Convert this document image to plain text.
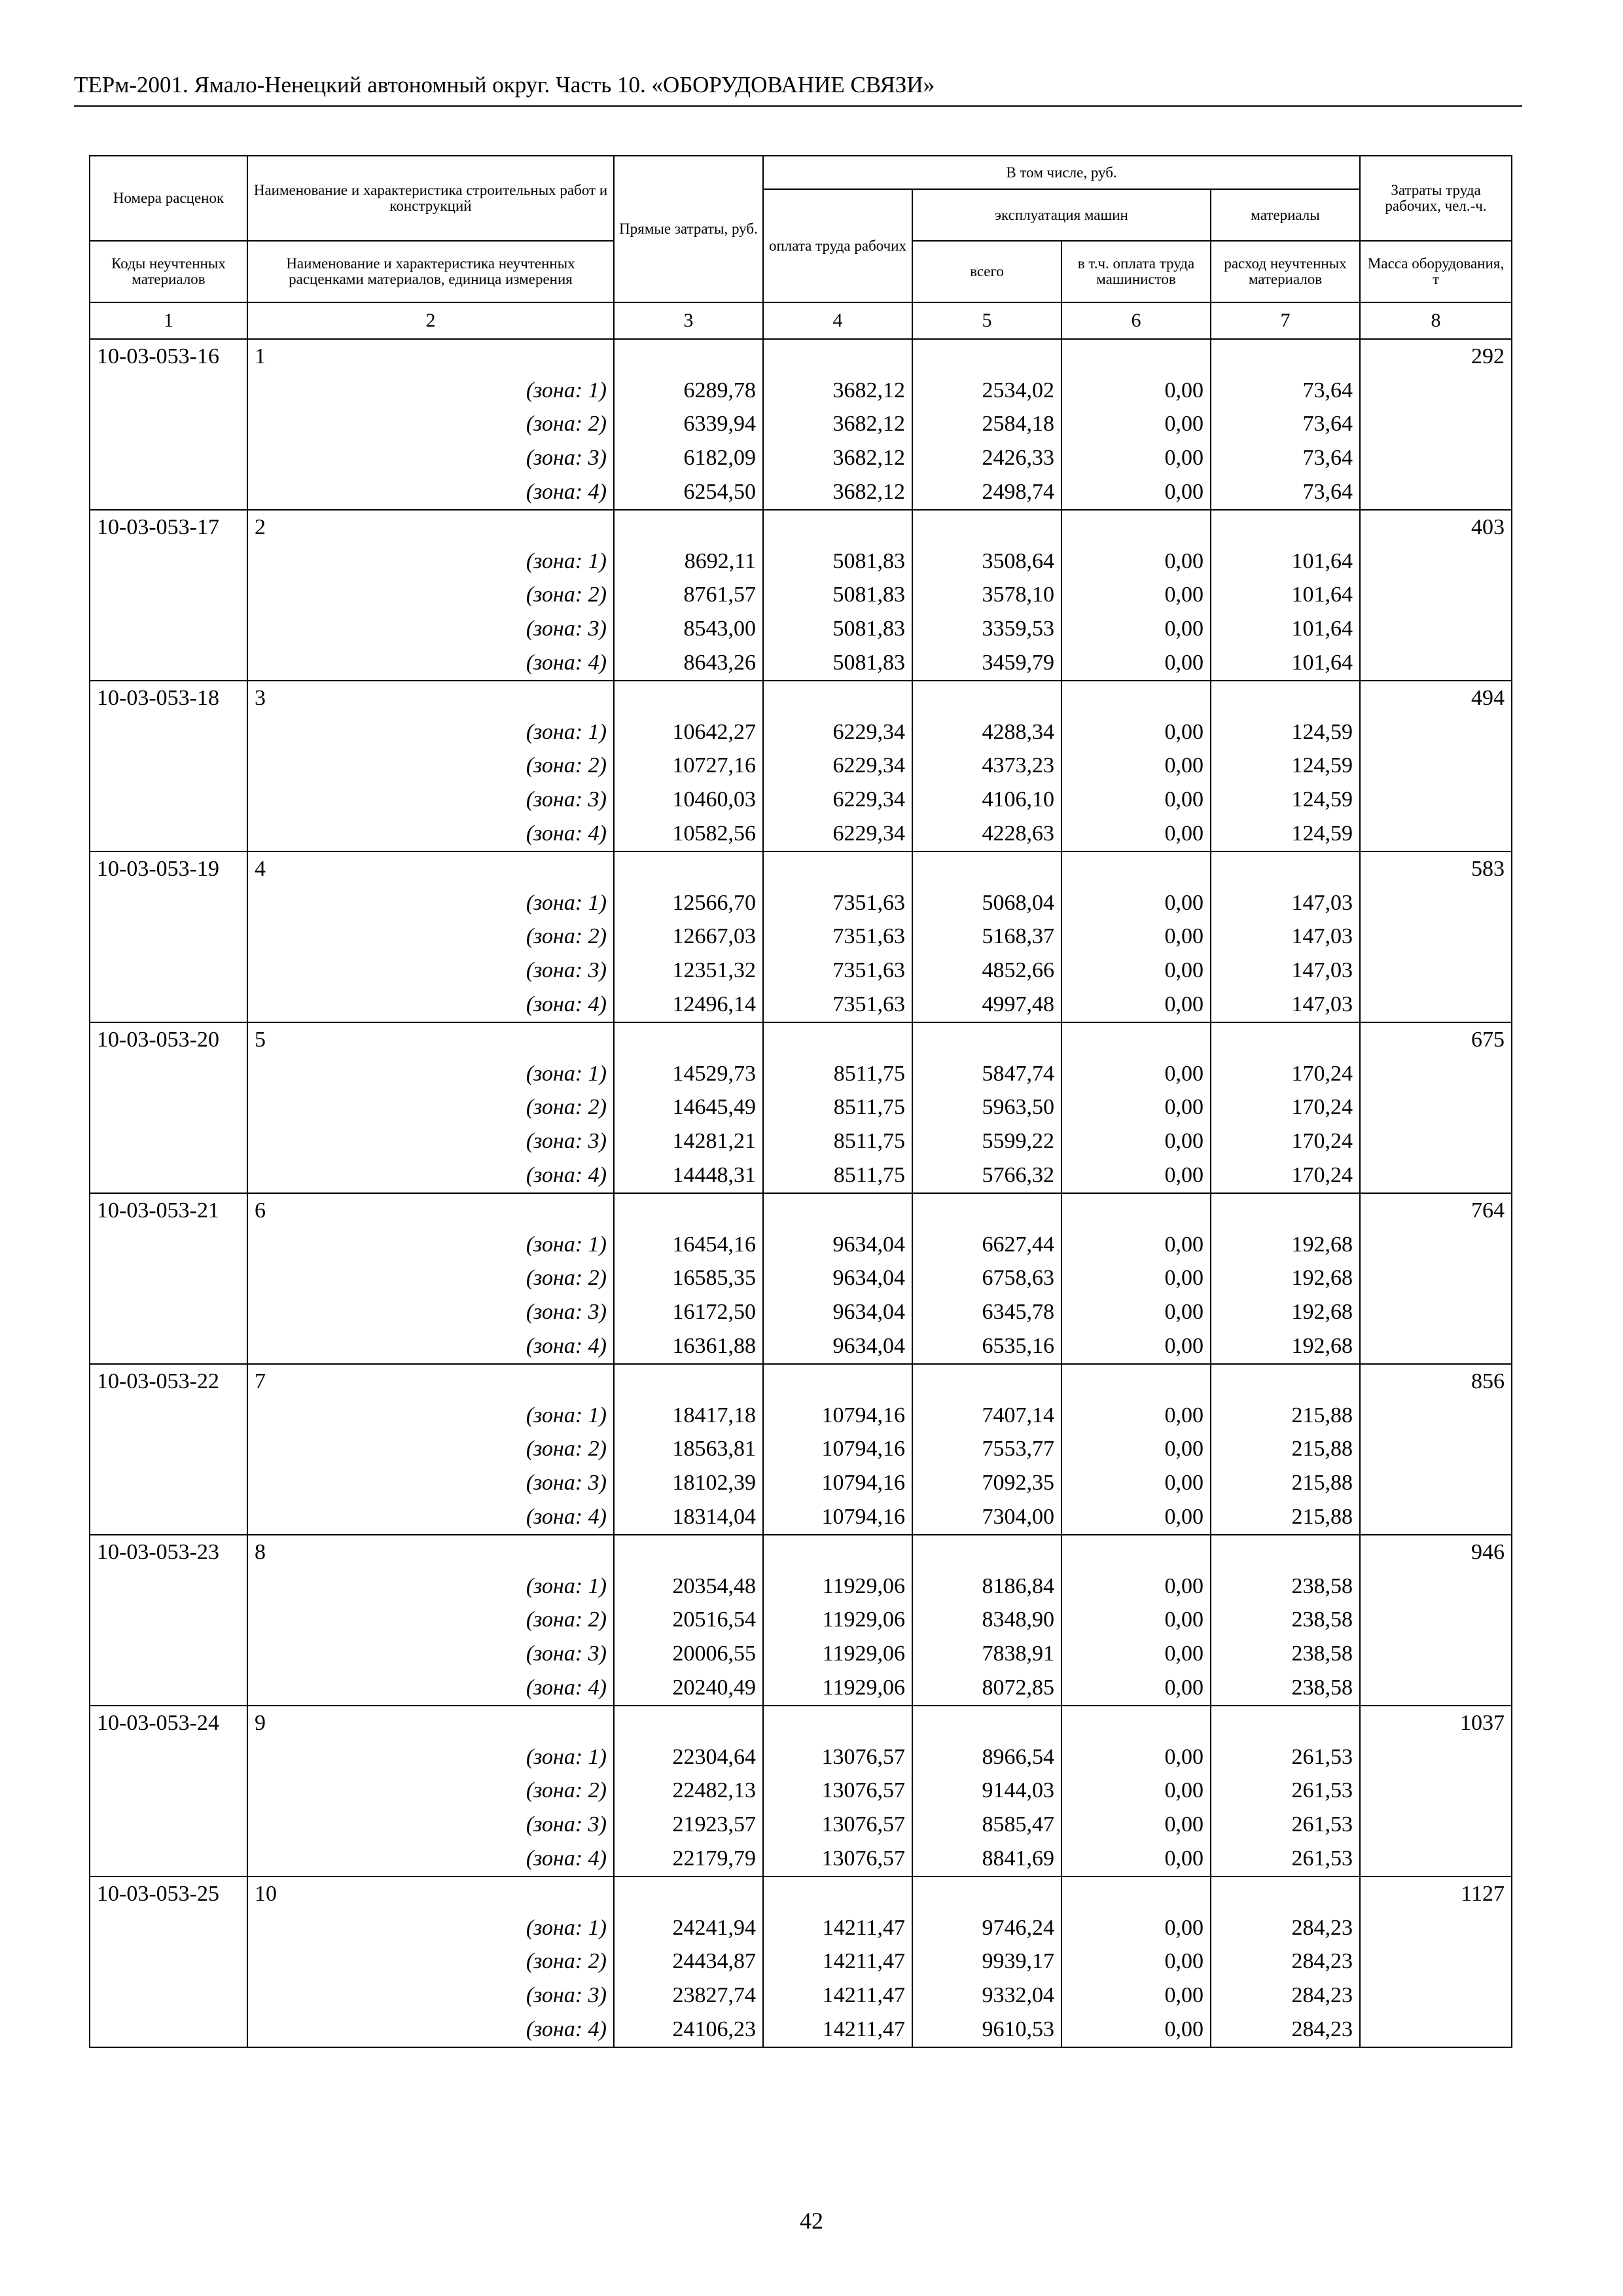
ТЕРм-2001. Ямало-Ненецкий автономный округ. Часть 10. «ОБОРУДОВАНИЕ СВЯЗИ»
Номера расценок	Наименование и характеристика строительных работ и конструкций	Прямые затраты, руб.	В том числе, руб.				Затраты труда рабочих, чел.-ч.
			оплата труда рабочих	эксплуатация машин		материалы	
Коды неучтенных материалов	Наименование и характеристика неучтенных расценками материалов, единица измерения			всего	в т.ч. оплата труда машинистов	расход неучтенных материалов	Масса оборудования, т
1	2	3	4	5	6	7	8
10-03-053-16	1						292
	(зона: 1)	6289,78	3682,12	2534,02	0,00	73,64	
	(зона: 2)	6339,94	3682,12	2584,18	0,00	73,64	
	(зона: 3)	6182,09	3682,12	2426,33	0,00	73,64	
	(зона: 4)	6254,50	3682,12	2498,74	0,00	73,64	
10-03-053-17	2						403
	(зона: 1)	8692,11	5081,83	3508,64	0,00	101,64	
	(зона: 2)	8761,57	5081,83	3578,10	0,00	101,64	
	(зона: 3)	8543,00	5081,83	3359,53	0,00	101,64	
	(зона: 4)	8643,26	5081,83	3459,79	0,00	101,64	
10-03-053-18	3						494
	(зона: 1)	10642,27	6229,34	4288,34	0,00	124,59	
	(зона: 2)	10727,16	6229,34	4373,23	0,00	124,59	
	(зона: 3)	10460,03	6229,34	4106,10	0,00	124,59	
	(зона: 4)	10582,56	6229,34	4228,63	0,00	124,59	
10-03-053-19	4						583
	(зона: 1)	12566,70	7351,63	5068,04	0,00	147,03	
	(зона: 2)	12667,03	7351,63	5168,37	0,00	147,03	
	(зона: 3)	12351,32	7351,63	4852,66	0,00	147,03	
	(зона: 4)	12496,14	7351,63	4997,48	0,00	147,03	
10-03-053-20	5						675
	(зона: 1)	14529,73	8511,75	5847,74	0,00	170,24	
	(зона: 2)	14645,49	8511,75	5963,50	0,00	170,24	
	(зона: 3)	14281,21	8511,75	5599,22	0,00	170,24	
	(зона: 4)	14448,31	8511,75	5766,32	0,00	170,24	
10-03-053-21	6						764
	(зона: 1)	16454,16	9634,04	6627,44	0,00	192,68	
	(зона: 2)	16585,35	9634,04	6758,63	0,00	192,68	
	(зона: 3)	16172,50	9634,04	6345,78	0,00	192,68	
	(зона: 4)	16361,88	9634,04	6535,16	0,00	192,68	
10-03-053-22	7						856
	(зона: 1)	18417,18	10794,16	7407,14	0,00	215,88	
	(зона: 2)	18563,81	10794,16	7553,77	0,00	215,88	
	(зона: 3)	18102,39	10794,16	7092,35	0,00	215,88	
	(зона: 4)	18314,04	10794,16	7304,00	0,00	215,88	
10-03-053-23	8						946
	(зона: 1)	20354,48	11929,06	8186,84	0,00	238,58	
	(зона: 2)	20516,54	11929,06	8348,90	0,00	238,58	
	(зона: 3)	20006,55	11929,06	7838,91	0,00	238,58	
	(зона: 4)	20240,49	11929,06	8072,85	0,00	238,58	
10-03-053-24	9						1037
	(зона: 1)	22304,64	13076,57	8966,54	0,00	261,53	
	(зона: 2)	22482,13	13076,57	9144,03	0,00	261,53	
	(зона: 3)	21923,57	13076,57	8585,47	0,00	261,53	
	(зона: 4)	22179,79	13076,57	8841,69	0,00	261,53	
10-03-053-25	10						1127
	(зона: 1)	24241,94	14211,47	9746,24	0,00	284,23	
	(зона: 2)	24434,87	14211,47	9939,17	0,00	284,23	
	(зона: 3)	23827,74	14211,47	9332,04	0,00	284,23	
	(зона: 4)	24106,23	14211,47	9610,53	0,00	284,23	
42
